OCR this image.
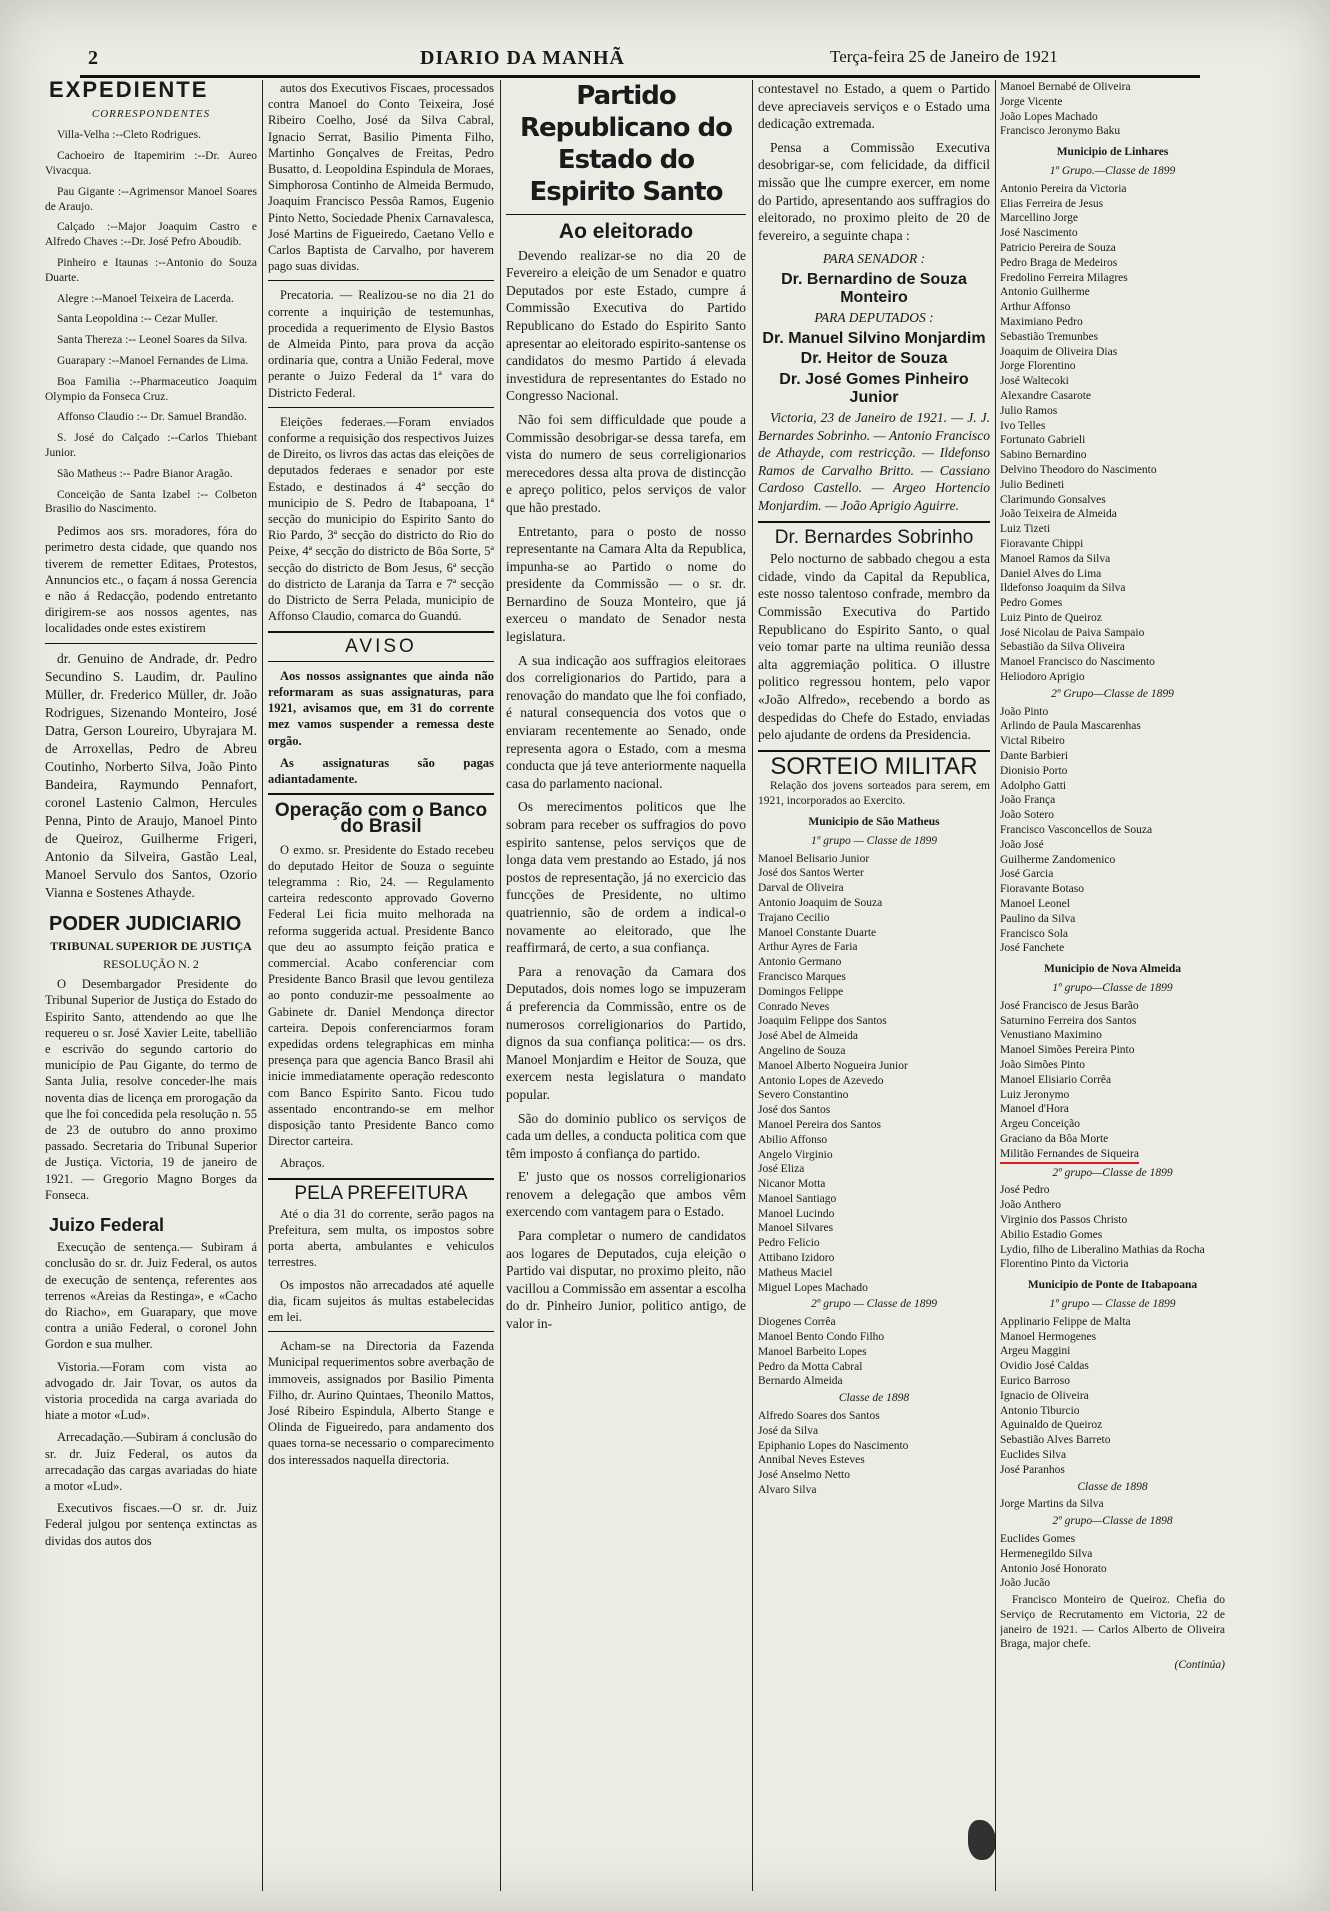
2	DIARIO DA MANHÃ	Terça-feira 25 de Janeiro de 1921
EXPEDIENTE
CORRESPONDENTES

Villa-Velha :--Cleto Rodrigues.

Cachoeiro de Itapemirim :--Dr. Aureo Vivacqua.

Pau Gigante :--Agrimensor Manoel Soares de Araujo.

Calçado :--Major Joaquim Castro e Alfredo Chaves :--Dr. José Pefro Aboudib.

Pinheiro e Itaunas :--Antonio do Souza Duarte.

Alegre :--Manoel Teixeira de Lacerda.

Santa Leopoldina :-- Cezar Muller.

Santa Thereza :-- Leonel Soares da Silva.

Guarapary :--Manoel Fernandes de Lima.

Boa Familia :--Pharmaceutico Joaquim Olympio da Fonseca Cruz.

Affonso Claudio :-- Dr. Samuel Brandão.

S. José do Calçado :--Carlos Thiebant Junior.

São Matheus :-- Padre Bianor Aragão.

Conceição de Santa Izabel :-- Colbeton Brasilio do Nascimento.

Pedimos aos srs. moradores, fóra do perimetro desta cidade, que quando nos tiverem de remetter Editaes, Protestos, Annuncios etc., o façam á nossa Gerencia e não á Redacção, podendo entretanto dirigirem-se aos nossos agentes, nas localidades onde estes existirem

dr. Genuino de Andrade, dr. Pedro Secundino S. Laudim, dr. Paulino Müller, dr. Frederico Müller, dr. João Rodrigues, Sizenando Monteiro, José Datra, Gerson Loureiro, Ubyrajara M. de Arroxellas, Pedro de Abreu Coutinho, Norberto Silva, João Pinto Bandeira, Raymundo Pennafort, coronel Lastenio Calmon, Hercules Penna, Pinto de Araujo, Manoel Pinto de Queiroz, Guilherme Frigeri, Antonio da Silveira, Gastão Leal, Manoel Servulo dos Santos, Ozorio Vianna e Sostenes Athayde.

PODER JUDICIARIO
TRIBUNAL SUPERIOR DE JUSTIÇA
RESOLUÇÃO N. 2

O Desembargador Presidente do Tribunal Superior de Justiça do Estado do Espirito Santo, attendendo ao que lhe requereu o sr. José Xavier Leite, tabellião e escrivão do segundo cartorio do município de Pau Gigante, do termo de Santa Julia, resolve conceder-lhe mais noventa dias de licença em prorogação da que lhe foi concedida pela resolução n. 55 de 23 de outubro do anno proximo passado. Secretaria do Tribunal Superior de Justiça. Victoria, 19 de janeiro de 1921. — Gregorio Magno Borges da Fonseca.

Juizo Federal

Execução de sentença.— Subiram á conclusão do sr. dr. Juiz Federal, os autos de execução de sentença, referentes aos terrenos «Areias da Restinga», e «Cacho do Riacho», em Guarapary, que move contra a união Federal, o coronel John Gordon e sua mulher.

Vistoria.—Foram com vista ao advogado dr. Jair Tovar, os autos da vistoria procedida na carga avariada do hiate a motor «Lud».

Arrecadação.—Subiram á conclusão do sr. dr. Juiz Federal, os autos da arrecadação das cargas avariadas do hiate a motor «Lud».

Executivos fiscaes.—O sr. dr. Juiz Federal julgou por sentença extinctas as dividas dos autos dos

autos dos Executivos Fiscaes, processados contra Manoel do Conto Teixeira, José Ribeiro Coelho, José da Silva Cabral, Ignacio Serrat, Basilio Pimenta Filho, Martinho Gonçalves de Freitas, Pedro Busatto, d. Leopoldina Espindula de Moraes, Simphorosa Continho de Almeida Bermudo, Joaquim Francisco Pessôa Ramos, Eugenio Pinto Netto, Sociedade Phenix Carnavalesca, José Martins de Figueiredo, Caetano Vello e Carlos Baptista de Carvalho, por haverem pago suas dividas.

Precatoria. — Realizou-se no dia 21 do corrente a inquirição de testemunhas, procedida a requerimento de Elysio Bastos de Almeida Pinto, para prova da acção ordinaria que, contra a União Federal, move perante o Juizo Federal da 1ª vara do Districto Federal.

Eleições federaes.—Foram enviados conforme a requisição dos respectivos Juizes de Direito, os livros das actas das eleições de deputados federaes e senador por este Estado, e destinados á 4ª secção do municipio de S. Pedro de Itabapoana, 1ª secção do municipio do Espirito Santo do Rio Pardo, 3ª secção do districto do Rio do Peixe, 4ª secção do districto de Bôa Sorte, 5ª secção do districto de Bom Jesus, 6ª secção do districto de Laranja da Tarra e 7ª secção do Districto de Serra Pelada, municipio de Affonso Claudio, comarca do Guandú.

AVISO

Aos nossos assignantes que ainda não reformaram as suas assignaturas, para 1921, avisamos que, em 31 do corrente mez vamos suspender a remessa deste orgão.

As assignaturas são pagas adiantadamente.

Operação com o Banco do Brasil

O exmo. sr. Presidente do Estado recebeu do deputado Heitor de Souza o seguinte telegramma : Rio, 24. — Regulamento carteira redesconto approvado Governo Federal Lei ficia muito melhorada na reforma suggerida actual. Presidente Banco que deu ao assumpto feição pratica e commercial. Acabo conferenciar com Presidente Banco Brasil que levou gentileza ao ponto conduzir-me pessoalmente ao Gabinete dr. Daniel Mendonça director carteira. Depois conferenciarmos foram expedidas ordens telegraphicas em minha presença para que agencia Banco Brasil ahi inicie immediatamente operação redesconto com Banco Espirito Santo. Ficou tudo assentado encontrando-se em melhor disposição tanto Presidente Banco como Director carteira.

Abraços.

PELA PREFEITURA

Até o dia 31 do corrente, serão pagos na Prefeitura, sem multa, os impostos sobre porta aberta, ambulantes e vehiculos terrestres.

Os impostos não arrecadados até aquelle dia, ficam sujeitos ás multas estabelecidas em lei.

Acham-se na Directoria da Fazenda Municipal requerimentos sobre averbação de immoveis, assignados por Basilio Pimenta Filho, dr. Aurino Quintaes, Theonilo Mattos, José Ribeiro Espindula, Alberto Stange e Olinda de Figueiredo, para andamento dos quaes torna-se necessario o comparecimento dos interessados naquella directoria.

Partido Republicano do Estado do Espirito Santo
Ao eleitorado

Devendo realizar-se no dia 20 de Fevereiro a eleição de um Senador e quatro Deputados por este Estado, cumpre á Commissão Executiva do Partido Republicano do Estado do Espirito Santo apresentar ao eleitorado espirito-santense os candidatos do mesmo Partido á elevada investidura de representantes do Estado no Congresso Nacional.

Não foi sem difficuldade que poude a Commissão desobrigar-se dessa tarefa, em vista do numero de seus correligionarios merecedores dessa alta prova de distincção e apreço politico, pelos serviços de valor que hão prestado.

Entretanto, para o posto de nosso representante na Camara Alta da Republica, impunha-se ao Partido o nome do presidente da Commissão — o sr. dr. Bernardino de Souza Monteiro, que já exerceu o mandato de Senador nesta legislatura.

A sua indicação aos suffragios eleitoraes dos correligionarios do Partido, para a renovação do mandato que lhe foi confiado, é natural consequencia dos votos que o enviaram recentemente ao Senado, onde representa agora o Estado, com a mesma conducta que já teve anteriormente naquella casa do parlamento nacional.

Os merecimentos politicos que lhe sobram para receber os suffragios do povo espirito santense, pelos serviços que de longa data vem prestando ao Estado, já nos postos de representação, já no exercicio das funcções de Presidente, no ultimo quatriennio, são de ordem a indical-o novamente ao eleitorado, que lhe reaffirmará, de certo, a sua confiança.

Para a renovação da Camara dos Deputados, dois nomes logo se impuzeram á preferencia da Commissão, entre os de numerosos correligionarios do Partido, dignos da sua confiança politica:— os drs. Manoel Monjardim e Heitor de Souza, que exercem nesta legislatura o mandato popular.

São do dominio publico os serviços de cada um delles, a conducta politica com que têm imposto á confiança do partido.

E' justo que os nossos correligionarios renovem a delegação que ambos vêm exercendo com vantagem para o Estado.

Para completar o numero de candidatos aos logares de Deputados, cuja eleição o Partido vai disputar, no proximo pleito, não vacillou a Commissão em assentar a escolha do dr. Pinheiro Junior, politico antigo, de valor in-

contestavel no Estado, a quem o Partido deve apreciaveis serviços e o Estado uma dedicação extremada.

Pensa a Commissão Executiva desobrigar-se, com felicidade, da difficil missão que lhe cumpre exercer, em nome do Partido, apresentando aos suffragios do eleitorado, no proximo pleito de 20 de fevereiro, a seguinte chapa :

PARA SENADOR :
Dr. Bernardino de Souza Monteiro
PARA DEPUTADOS :
Dr. Manuel Silvino Monjardim
Dr. Heitor de Souza
Dr. José Gomes Pinheiro Junior

Victoria, 23 de Janeiro de 1921. — J. J. Bernardes Sobrinho. — Antonio Francisco de Athayde, com restricção. — Ildefonso Ramos de Carvalho Britto. — Cassiano Cardoso Castello. — Argeo Hortencio Monjardim. — João Aprigio Aguirre.

Dr. Bernardes Sobrinho

Pelo nocturno de sabbado chegou a esta cidade, vindo da Capital da Republica, este nosso talentoso confrade, membro da Commissão Executiva do Partido Republicano do Espirito Santo, o qual veio tomar parte na ultima reunião dessa alta aggremiação politica. O illustre politico regressou hontem, pelo vapor «João Alfredo», recebendo a bordo as despedidas do Chefe do Estado, enviadas pelo ajudante de ordens da Presidencia.

SORTEIO MILITAR

Relação dos jovens sorteados para serem, em 1921, incorporados ao Exercito.

Municipio de São Matheus
1º grupo — Classe de 1899
Manoel Belisario Junior
José dos Santos Werter
Darval de Oliveira
Antonio Joaquim de Souza
Trajano Cecilio
Manoel Constante Duarte
Arthur Ayres de Faria
Antonio Germano
Francisco Marques
Domingos Felippe
Conrado Neves
Joaquim Felippe dos Santos
José Abel de Almeida
Angelino de Souza
Manoel Alberto Nogueira Junior
Antonio Lopes de Azevedo
Severo Constantino
José dos Santos
Manoel Pereira dos Santos
Abilio Affonso
Angelo Virginio
José Eliza
Nicanor Motta
Manoel Santiago
Manoel Lucindo
Manoel Silvares
Pedro Felicio
Attibano Izidoro
Matheus Maciel
Miguel Lopes Machado
2º grupo — Classe de 1899
Diogenes Corrêa
Manoel Bento Condo Filho
Manoel Barbeito Lopes
Pedro da Motta Cabral
Bernardo Almeida
Classe de 1898
Alfredo Soares dos Santos
José da Silva
Epiphanio Lopes do Nascimento
Annibal Neves Esteves
José Anselmo Netto
Alvaro Silva
Manoel Bernabé de Oliveira
Jorge Vicente
João Lopes Machado
Francisco Jeronymo Baku
Municipio de Linhares
1º Grupo.—Classe de 1899
Antonio Pereira da Victoria
Elias Ferreira de Jesus
Marcellino Jorge
José Nascimento
Patricio Pereira de Souza
Pedro Braga de Medeiros
Fredolino Ferreira Milagres
Antonio Guilherme
Arthur Affonso
Maximiano Pedro
Sebastião Tremunbes
Joaquim de Oliveira Dias
Jorge Florentino
José Waltecoki
Alexandre Casarote
Julio Ramos
Ivo Telles
Fortunato Gabrieli
Sabino Bernardino
Delvino Theodoro do Nascimento
Julio Bedineti
Clarimundo Gonsalves
João Teixeira de Almeida
Luiz Tizeti
Fioravante Chippi
Manoel Ramos da Silva
Daniel Alves do Lima
Ildefonso Joaquim da Silva
Pedro Gomes
Luiz Pinto de Queiroz
José Nicolau de Paiva Sampaio
Sebastião da Silva Oliveira
Manoel Francisco do Nascimento
Heliodoro Aprigio
2º Grupo—Classe de 1899
João Pinto
Arlindo de Paula Mascarenhas
Victal Ribeiro
Dante Barbieri
Dionisio Porto
Adolpho Gatti
João França
João Sotero
Francisco Vasconcellos de Souza
João José
Guilherme Zandomenico
José Garcia
Fioravante Botaso
Manoel Leonel
Paulino da Silva
Francisco Sola
José Fanchete
Municipio de Nova Almeida
1º grupo—Classe de 1899
José Francisco de Jesus Barão
Saturnino Ferreira dos Santos
Venustiano Maximino
Manoel Simões Pereira Pinto
João Simões Pinto
Manoel Elisiario Corrêa
Luiz Jeronymo
Manoel d'Hora
Argeu Conceição
Graciano da Bôa Morte
Militão Fernandes de Siqueira
2º grupo—Classe de 1899
José Pedro
João Anthero
Virginio dos Passos Christo
Abilio Estadio Gomes
Lydio, filho de Liberalino Mathias da Rocha
Florentino Pinto da Victoria
Municipio de Ponte de Itabapoana
1º grupo — Classe de 1899
Applinario Felippe de Malta
Manoel Hermogenes
Argeu Maggini
Ovidio José Caldas
Eurico Barroso
Ignacio de Oliveira
Antonio Tiburcio
Aguinaldo de Queiroz
Sebastião Alves Barreto
Euclides Silva
José Paranhos
Classe de 1898
Jorge Martins da Silva
2º grupo—Classe de 1898
Euclides Gomes
Hermenegildo Silva
Antonio José Honorato
João Jucão

Francisco Monteiro de Queiroz. Chefia do Serviço de Recrutamento em Victoria, 22 de janeiro de 1921. — Carlos Alberto de Oliveira Braga, major chefe.

(Continúa)
